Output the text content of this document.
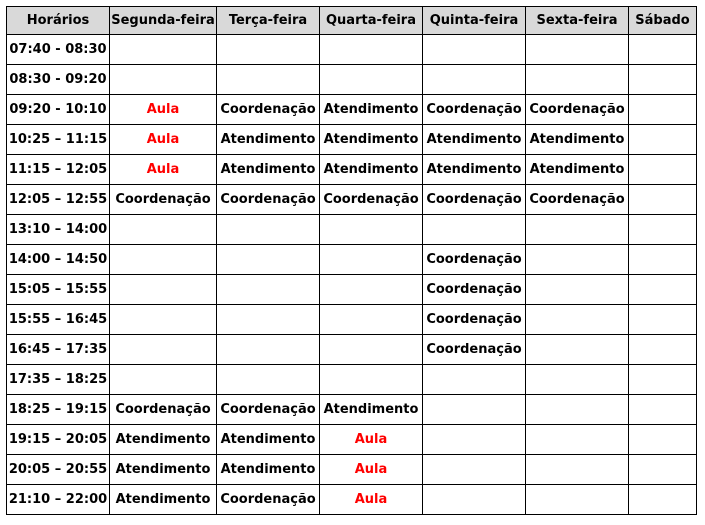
Horários	Segunda-feira	Terça-feira	Quarta-feira	Quinta-feira	Sexta-feira	Sábado
07:40 - 08:30						
08:30 - 09:20						
09:20 - 10:10	Aula	Coordenação	Atendimento	Coordenação	Coordenação	
10:25 – 11:15	Aula	Atendimento	Atendimento	Atendimento	Atendimento	
11:15 – 12:05	Aula	Atendimento	Atendimento	Atendimento	Atendimento	
12:05 – 12:55	Coordenação	Coordenação	Coordenação	Coordenação	Coordenação	
13:10 – 14:00						
14:00 – 14:50				Coordenação		
15:05 – 15:55				Coordenação		
15:55 – 16:45				Coordenação		
16:45 – 17:35				Coordenação		
17:35 – 18:25						
18:25 – 19:15	Coordenação	Coordenação	Atendimento			
19:15 – 20:05	Atendimento	Atendimento	Aula			
20:05 – 20:55	Atendimento	Atendimento	Aula			
21:10 – 22:00	Atendimento	Coordenação	Aula			
